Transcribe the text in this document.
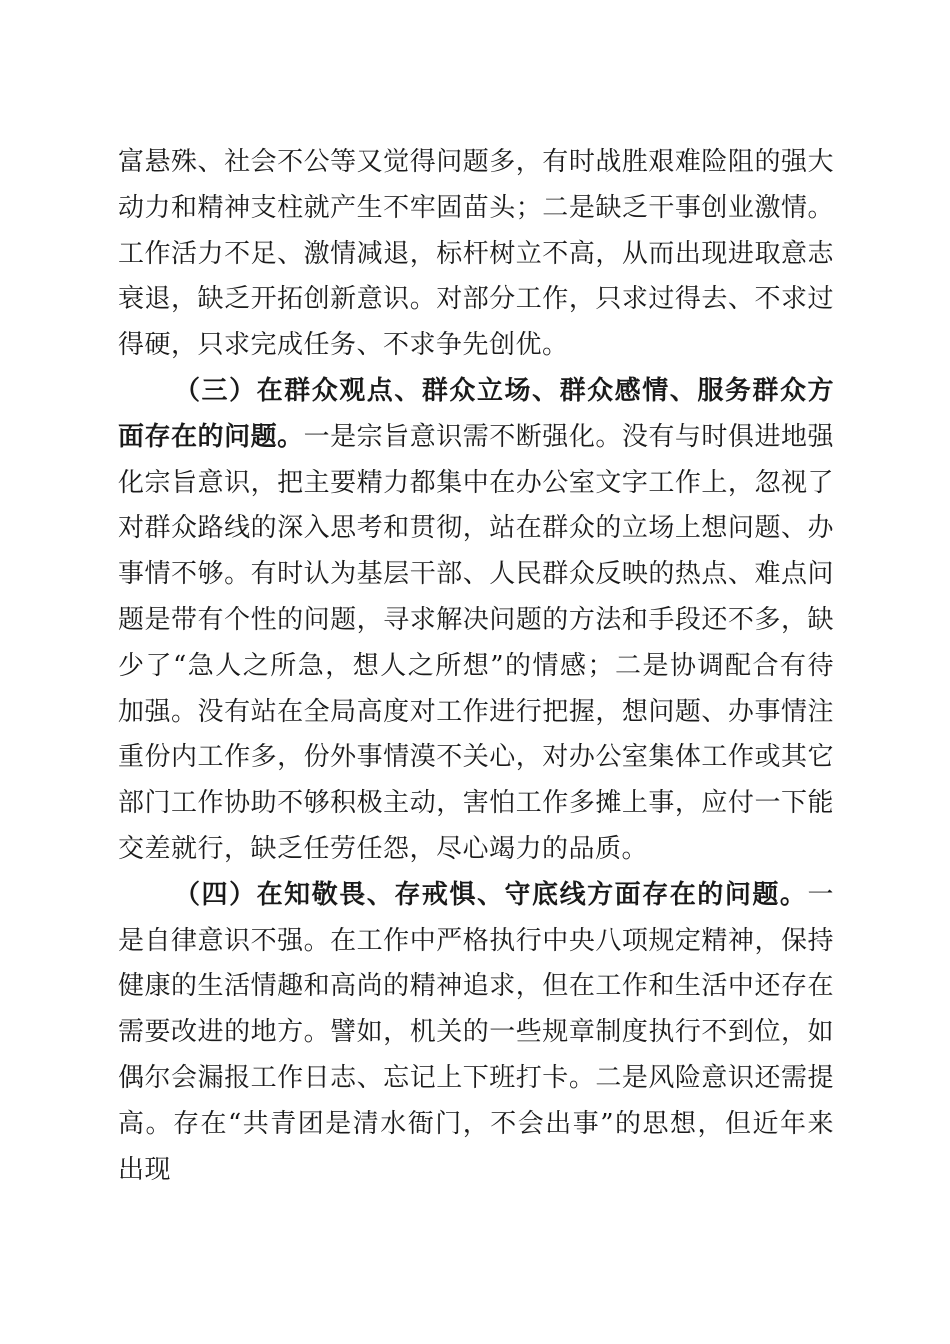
富悬殊、社会不公等又觉得问题多，有时战胜艰难险阻的强大动力和精神支柱就产生不牢固苗头；二是缺乏干事创业激情。工作活力不足、激情减退，标杆树立不高，从而出现进取意志衰退，缺乏开拓创新意识。对部分工作，只求过得去、不求过得硬，只求完成任务、不求争先创优。

（三）在群众观点、群众立场、群众感情、服务群众方面存在的问题。一是宗旨意识需不断强化。没有与时俱进地强化宗旨意识，把主要精力都集中在办公室文字工作上，忽视了对群众路线的深入思考和贯彻，站在群众的立场上想问题、办事情不够。有时认为基层干部、人民群众反映的热点、难点问题是带有个性的问题，寻求解决问题的方法和手段还不多，缺少了“急人之所急，想人之所想”的情感；二是协调配合有待加强。没有站在全局高度对工作进行把握，想问题、办事情注重份内工作多，份外事情漠不关心，对办公室集体工作或其它部门工作协助不够积极主动，害怕工作多摊上事，应付一下能交差就行，缺乏任劳任怨，尽心竭力的品质。

（四）在知敬畏、存戒惧、守底线方面存在的问题。一是自律意识不强。在工作中严格执行中央八项规定精神，保持健康的生活情趣和高尚的精神追求，但在工作和生活中还存在需要改进的地方。譬如，机关的一些规章制度执行不到位，如偶尔会漏报工作日志、忘记上下班打卡。二是风险意识还需提高。存在“共青团是清水衙门，不会出事”的思想，但近年来出现
